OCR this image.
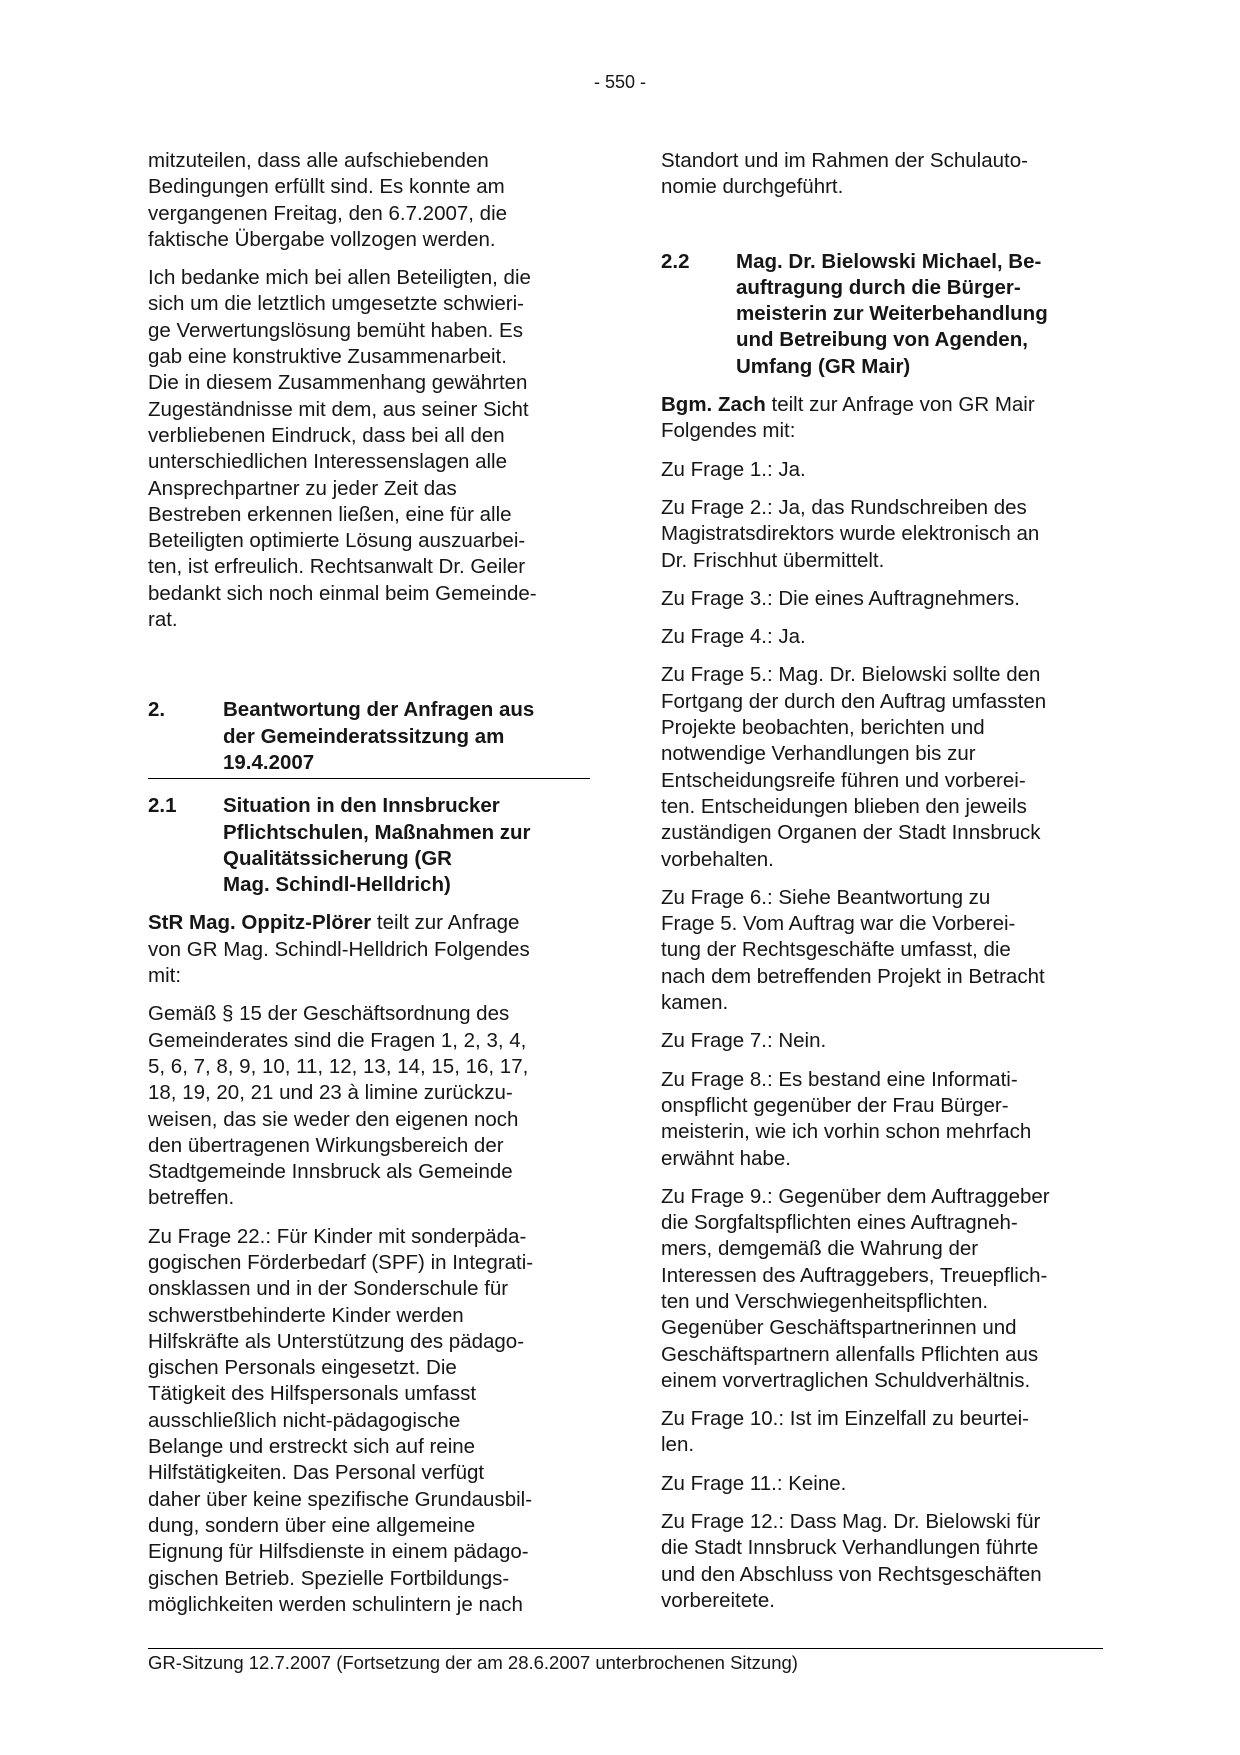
- 550 -

mitzuteilen, dass alle aufschiebenden
Bedingungen erfüllt sind. Es konnte am
vergangenen Freitag, den 6.7.2007, die
faktische Übergabe vollzogen werden.

Ich bedanke mich bei allen Beteiligten, die
sich um die letztlich umgesetzte schwieri-
ge Verwertungslösung bemüht haben. Es
gab eine konstruktive Zusammenarbeit.
Die in diesem Zusammenhang gewährten
Zugeständnisse mit dem, aus seiner Sicht
verbliebenen Eindruck, dass bei all den
unterschiedlichen Interessenslagen alle
Ansprechpartner zu jeder Zeit das
Bestreben erkennen ließen, eine für alle
Beteiligten optimierte Lösung auszuarbei-
ten, ist erfreulich. Rechtsanwalt Dr. Geiler
bedankt sich noch einmal beim Gemeinde-
rat.

2.	Beantwortung der Anfragen aus
der Gemeinderatssitzung am
19.4.2007
2.1	Situation in den Innsbrucker
Pflichtschulen, Maßnahmen zur
Qualitätssicherung (GR
Mag. Schindl-Helldrich)

StR Mag. Oppitz-Plörer teilt zur Anfrage
von GR Mag. Schindl-Helldrich Folgendes
mit:

Gemäß § 15 der Geschäftsordnung des
Gemeinderates sind die Fragen 1, 2, 3, 4,
5, 6, 7, 8, 9, 10, 11, 12, 13, 14, 15, 16, 17,
18, 19, 20, 21 und 23 à limine zurückzu-
weisen, das sie weder den eigenen noch
den übertragenen Wirkungsbereich der
Stadtgemeinde Innsbruck als Gemeinde
betreffen.

Zu Frage 22.: Für Kinder mit sonderpäda-
gogischen Förderbedarf (SPF) in Integrati-
onsklassen und in der Sonderschule für
schwerstbehinderte Kinder werden
Hilfskräfte als Unterstützung des pädago-
gischen Personals eingesetzt. Die
Tätigkeit des Hilfspersonals umfasst
ausschließlich nicht-pädagogische
Belange und erstreckt sich auf reine
Hilfstätigkeiten. Das Personal verfügt
daher über keine spezifische Grundausbil-
dung, sondern über eine allgemeine
Eignung für Hilfsdienste in einem pädago-
gischen Betrieb. Spezielle Fortbildungs-
möglichkeiten werden schulintern je nach

Standort und im Rahmen der Schulauto-
nomie durchgeführt.

2.2	Mag. Dr. Bielowski Michael, Be-
auftragung durch die Bürger-
meisterin zur Weiterbehandlung
und Betreibung von Agenden,
Umfang (GR Mair)

Bgm. Zach teilt zur Anfrage von GR Mair
Folgendes mit:

Zu Frage 1.: Ja.

Zu Frage 2.: Ja, das Rundschreiben des
Magistratsdirektors wurde elektronisch an
Dr. Frischhut übermittelt.

Zu Frage 3.: Die eines Auftragnehmers.

Zu Frage 4.: Ja.

Zu Frage 5.: Mag. Dr. Bielowski sollte den
Fortgang der durch den Auftrag umfassten
Projekte beobachten, berichten und
notwendige Verhandlungen bis zur
Entscheidungsreife führen und vorberei-
ten. Entscheidungen blieben den jeweils
zuständigen Organen der Stadt Innsbruck
vorbehalten.

Zu Frage 6.: Siehe Beantwortung zu
Frage 5. Vom Auftrag war die Vorberei-
tung der Rechtsgeschäfte umfasst, die
nach dem betreffenden Projekt in Betracht
kamen.

Zu Frage 7.: Nein.

Zu Frage 8.: Es bestand eine Informati-
onspflicht gegenüber der Frau Bürger-
meisterin, wie ich vorhin schon mehrfach
erwähnt habe.

Zu Frage 9.: Gegenüber dem Auftraggeber
die Sorgfaltspflichten eines Auftragneh-
mers, demgemäß die Wahrung der
Interessen des Auftraggebers, Treuepflich-
ten und Verschwiegenheitspflichten.
Gegenüber Geschäftspartnerinnen und
Geschäftspartnern allenfalls Pflichten aus
einem vorvertraglichen Schuldverhältnis.

Zu Frage 10.: Ist im Einzelfall zu beurtei-
len.

Zu Frage 11.: Keine.

Zu Frage 12.: Dass Mag. Dr. Bielowski für
die Stadt Innsbruck Verhandlungen führte
und den Abschluss von Rechtsgeschäften
vorbereitete.

GR-Sitzung 12.7.2007 (Fortsetzung der am 28.6.2007 unterbrochenen Sitzung)
